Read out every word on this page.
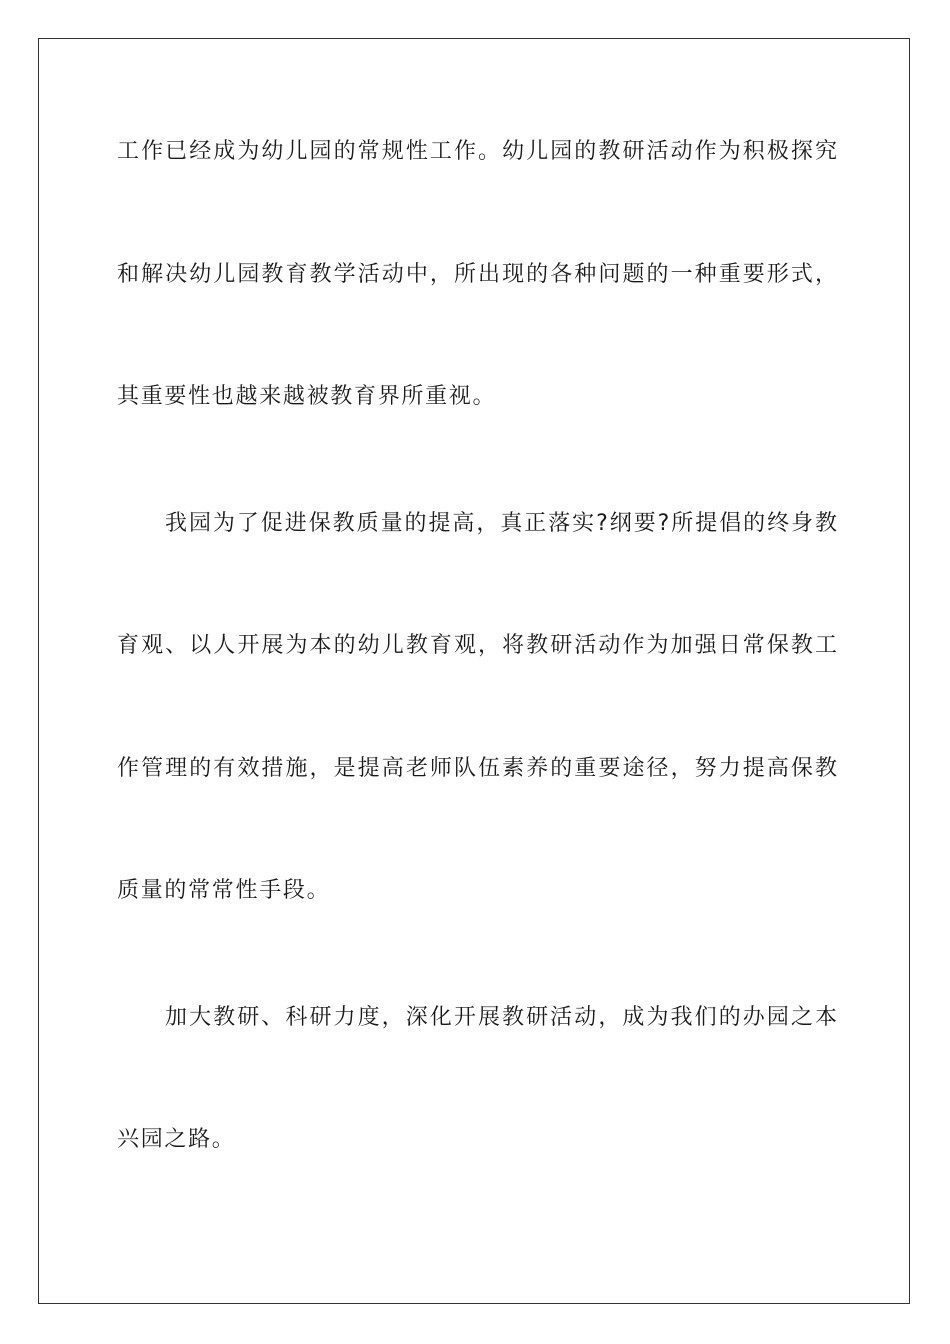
工作已经成为幼儿园的常规性工作。幼儿园的教研活动作为积极探究
和解决幼儿园教育教学活动中，所出现的各种问题的一种重要形式，
其重要性也越来越被教育界所重视。
我园为了促进保教质量的提高，真正落实?纲要?所提倡的终身教
育观、以人开展为本的幼儿教育观，将教研活动作为加强日常保教工
作管理的有效措施，是提高老师队伍素养的重要途径，努力提高保教
质量的常常性手段。
加大教研、科研力度，深化开展教研活动，成为我们的办园之本
兴园之路。
